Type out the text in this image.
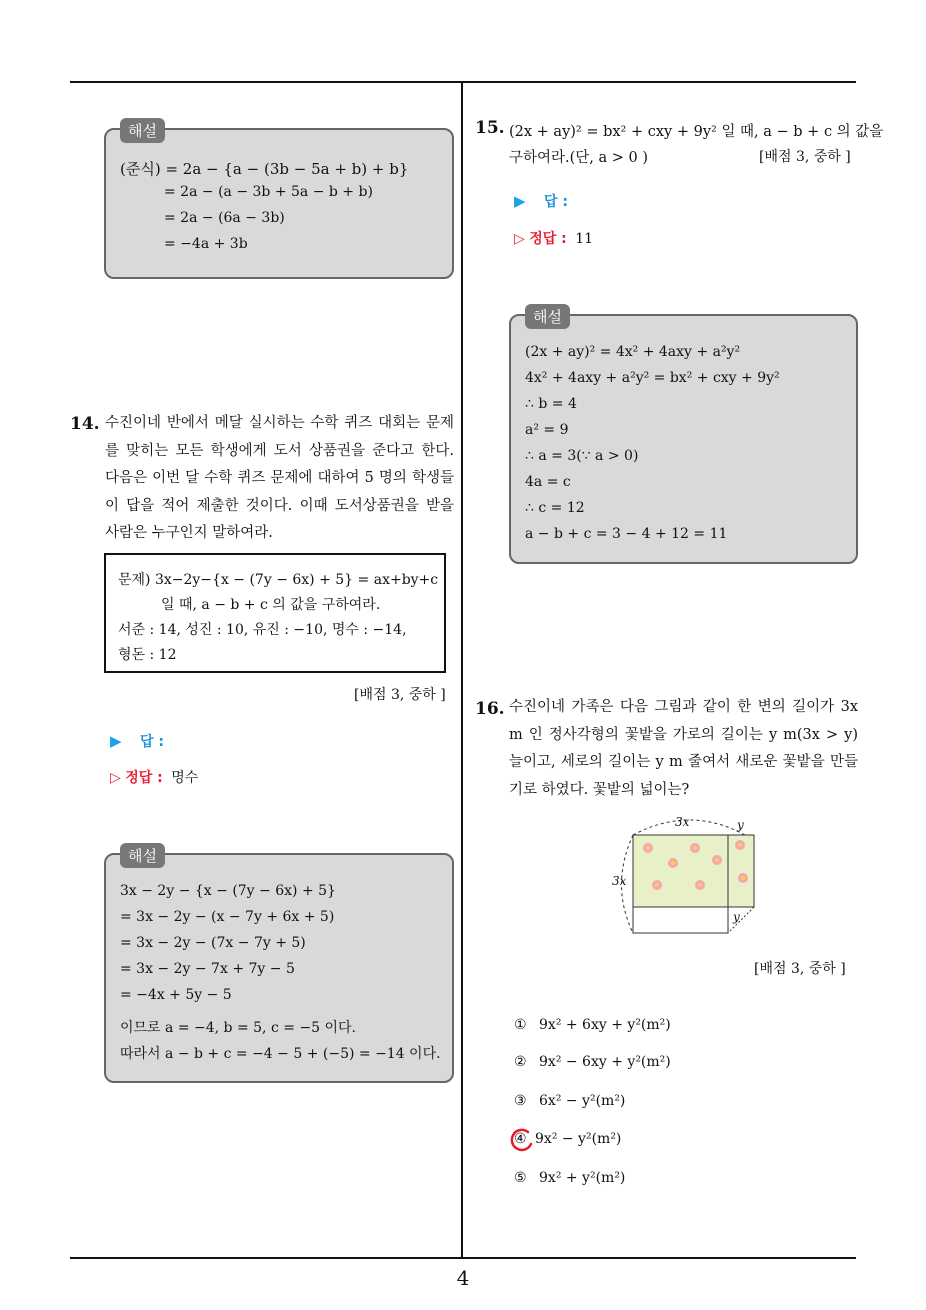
해설
(준식) = 2a − {a − (3b − 5a + b) + b}
= 2a − (a − 3b + 5a − b + b)
= 2a − (6a − 3b)
= −4a + 3b
14. 수진이네 반에서 메달 실시하는 수학 퀴즈 대회는 문제를 맞히는 모든 학생에게 도서 상품권을 준다고 한다. 다음은 이번 달 수학 퀴즈 문제에 대하여 5 명의 학생들이 답을 적어 제출한 것이다. 이때 도서상품권을 받을 사람은 누구인지 말하여라.
문제) 3x−2y−{x − (7y − 6x) + 5} = ax+by+c
일 때, a − b + c 의 값을 구하여라.
서준 : 14, 성진 : 10, 유진 : −10, 명수 : −14,
형돈 : 12
[배점 3, 중하 ]
▶ 답 :
▷ 정답 : 명수
해설
3x − 2y − {x − (7y − 6x) + 5}
= 3x − 2y − (x − 7y + 6x + 5)
= 3x − 2y − (7x − 7y + 5)
= 3x − 2y − 7x + 7y − 5
= −4x + 5y − 5
이므로 a = −4, b = 5, c = −5 이다.
따라서 a − b + c = −4 − 5 + (−5) = −14 이다.
15. (2x + ay)² = bx² + cxy + 9y² 일 때, a − b + c 의 값을
구하여라.(단, a > 0 )	[배점 3, 중하 ]
▶ 답 :
▷ 정답 : 11
해설
(2x + ay)² = 4x² + 4axy + a²y²
4x² + 4axy + a²y² = bx² + cxy + 9y²
∴ b = 4
a² = 9
∴ a = 3(∵ a > 0)
4a = c
∴ c = 12
a − b + c = 3 − 4 + 12 = 11
16. 수진이네 가족은 다음 그림과 같이 한 변의 길이가 3x m 인 정사각형의 꽃밭을 가로의 길이는 y m(3x > y) 늘이고, 세로의 길이는 y m 줄여서 새로운 꽃밭을 만들기로 하였다. 꽃밭의 넓이는?
3x	y
3x
y
[배점 3, 중하 ]
① 9x² + 6xy + y²(m²)
② 9x² − 6xy + y²(m²)
③ 6x² − y²(m²)
④ 9x² − y²(m²)
⑤ 9x² + y²(m²)
4
